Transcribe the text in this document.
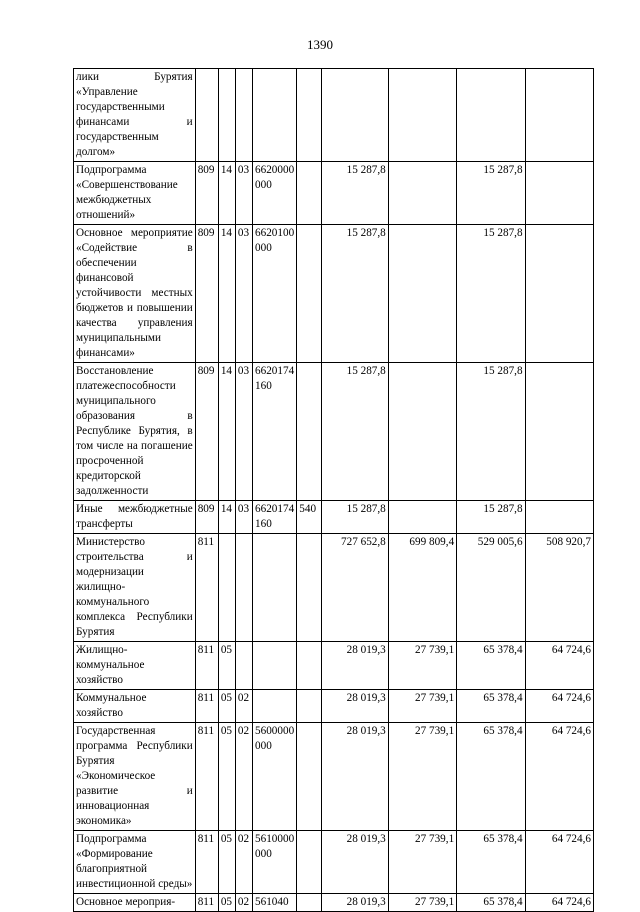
1390
лики Бурятия «Управление государственными финансами и государственным долгом»									
Подпрограмма «Совершенствование межбюджетных отношений»	809	14	03	6620000000		15 287,8		15 287,8	
Основное мероприятие «Содействие в обеспечении финансовой устойчивости местных бюджетов и повышении качества управления муниципальными финансами»	809	14	03	6620100000		15 287,8		15 287,8	
Восстановление платежеспособности муниципального образования в Республике Бурятия, в том числе на погашение просроченной кредиторской задолженности	809	14	03	6620174160		15 287,8		15 287,8	
Иные межбюджетные трансферты	809	14	03	6620174160	540	15 287,8		15 287,8	
Министерство строительства и модернизации жилищно-коммунального комплекса Республики Бурятия	811					727 652,8	699 809,4	529 005,6	508 920,7
Жилищно-коммунальное хозяйство	811	05				28 019,3	27 739,1	65 378,4	64 724,6
Коммунальное хозяйство	811	05	02			28 019,3	27 739,1	65 378,4	64 724,6
Государственная программа Республики Бурятия «Экономическое развитие и инновационная экономика»	811	05	02	5600000000		28 019,3	27 739,1	65 378,4	64 724,6
Подпрограмма «Формирование благоприятной инвестиционной среды»	811	05	02	5610000000		28 019,3	27 739,1	65 378,4	64 724,6
Основное мероприя-	811	05	02	561040		28 019,3	27 739,1	65 378,4	64 724,6
